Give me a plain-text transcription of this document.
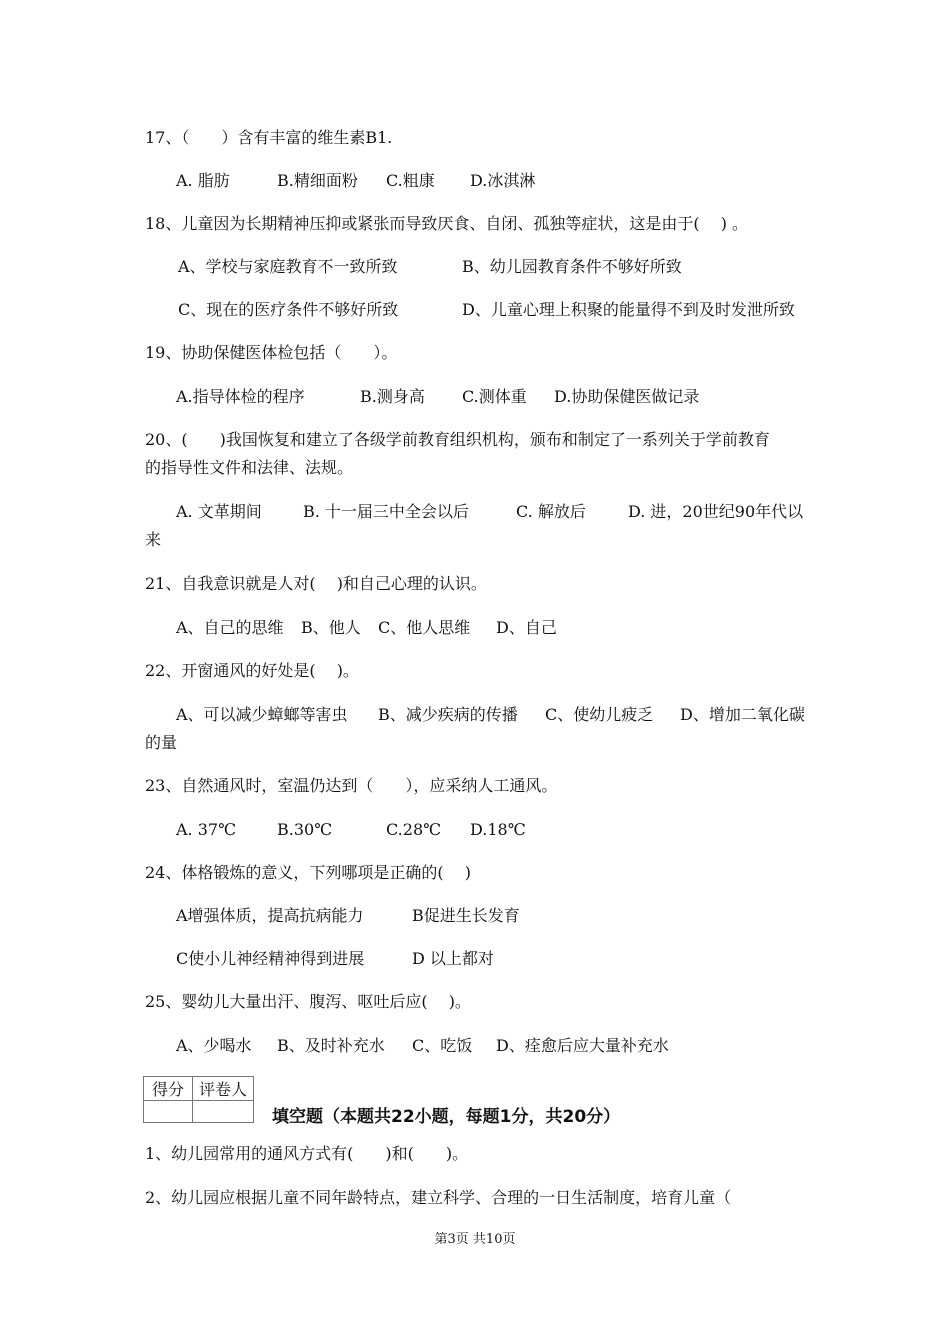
17、（　　）含有丰富的维生素B1.
A. 脂肪	B.精细面粉 C.粗康 D.冰淇淋
18、儿童因为长期精神压抑或紧张而导致厌食、自闭、孤独等症状，这是由于(　 ) 。
A、学校与家庭教育不一致所致	B、幼儿园教育条件不够好所致
C、现在的医疗条件不够好所致	D、儿童心理上积聚的能量得不到及时发泄所致
19、协助保健医体检包括（　　）。
A.指导体检的程序	B.测身高 C.测体重 D.协助保健医做记录
20、(　　)我国恢复和建立了各级学前教育组织机构，颁布和制定了一系列关于学前教育
的指导性文件和法律、法规。
A. 文革期间	B. 十一届三中全会以后	C. 解放后	D. 进，20世纪90年代以
来
21、自我意识就是人对(　 )和自己心理的认识。
A、自己的思维 B、他人 C、他人思维 D、自己
22、开窗通风的好处是(　 )。
A、可以减少蟑螂等害虫 B、减少疾病的传播 C、使幼儿疲乏 D、增加二氧化碳
的量
23、自然通风时，室温仍达到（　　），应采纳人工通风。
A. 37℃	B.30℃	C.28℃ D.18℃
24、体格锻炼的意义，下列哪项是正确的(　 )
A增强体质，提高抗病能力	B促进生长发育
C使小儿神经精神得到进展	D 以上都对
25、婴幼儿大量出汗、腹泻、呕吐后应(　 )。
A、少喝水 B、及时补充水 C、吃饭 D、痊愈后应大量补充水
得分	评卷人

填空题（本题共22小题，每题1分，共20分）
1、幼儿园常用的通风方式有(　　)和(　　)。
2、幼儿园应根据儿童不同年龄特点，建立科学、合理的一日生活制度，培育儿童（
第3页 共10页
